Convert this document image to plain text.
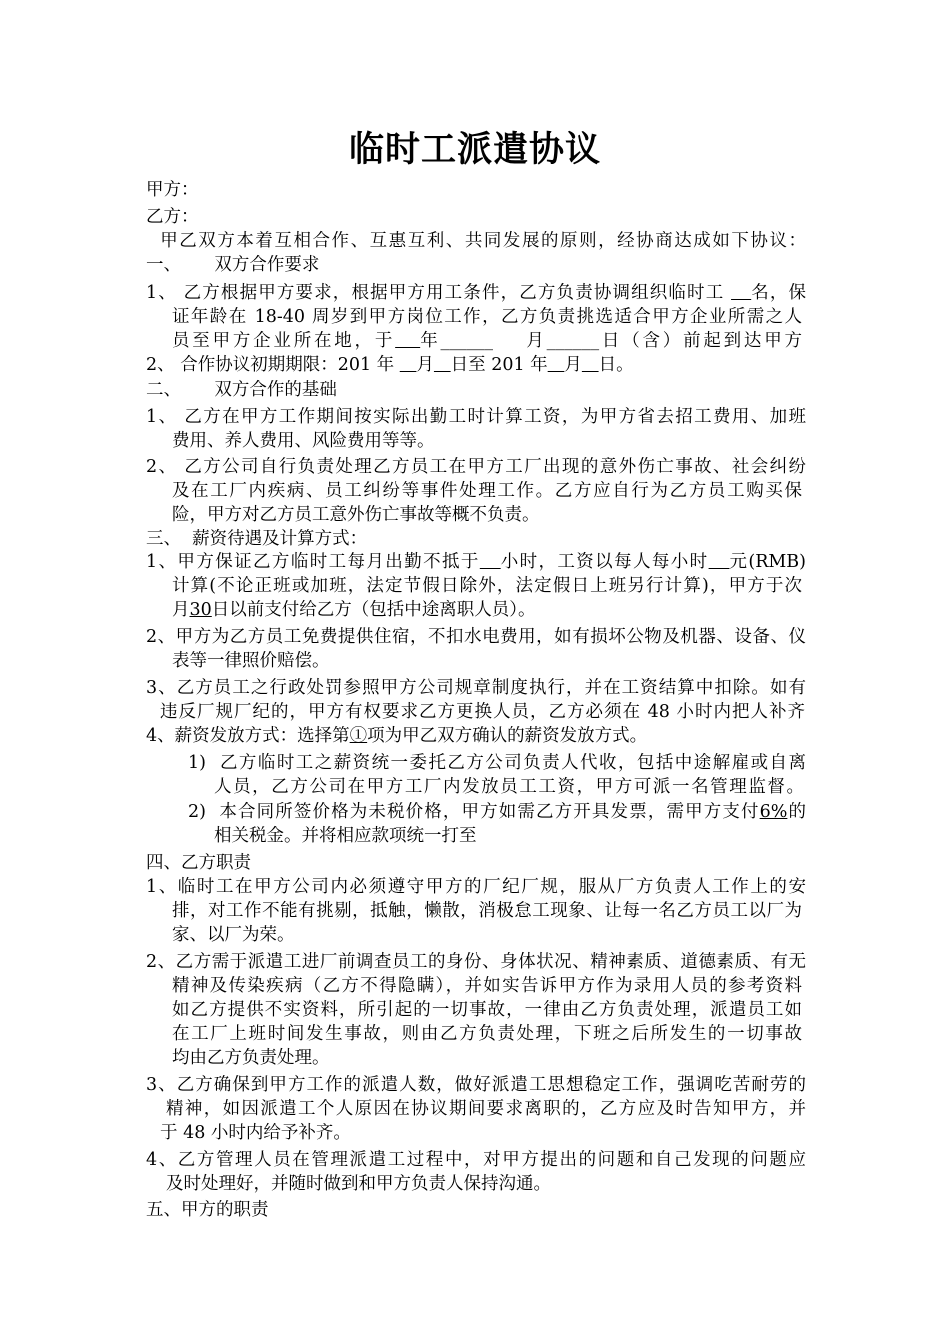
临时工派遣协议
甲方：
乙方：
甲乙双方本着互相合作、互惠互利、共同发展的原则，经协商达成如下协议：
一、      双方合作要求
1、 乙方根据甲方要求，根据甲方用工条件，乙方负责协调组织临时工    名，保
证年龄在 18-40 周岁到甲方岗位工作，乙方负责挑选适合甲方企业所需之人
员至甲方企业所在地，于 年______    月______日（含）前起到达甲方
2、 合作协议初期期限：201 年    月 日至 201 年 月 日。
二、      双方合作的基础
1、 乙方在甲方工作期间按实际出勤工时计算工资，为甲方省去招工费用、加班
费用、养人费用、风险费用等等。
2、 乙方公司自行负责处理乙方员工在甲方工厂出现的意外伤亡事故、社会纠纷
及在工厂内疾病、员工纠纷等事件处理工作。乙方应自行为乙方员工购买保
险，甲方对乙方员工意外伤亡事故等概不负责。
三、  薪资待遇及计算方式：
1、甲方保证乙方临时工每月出勤不抵于 小时，工资以每人每小时 元(RMB)
计算(不论正班或加班，法定节假日除外，法定假日上班另行计算)，甲方于次
月30日以前支付给乙方（包括中途离职人员）。
2、甲方为乙方员工免费提供住宿，不扣水电费用，如有损坏公物及机器、设备、仪
表等一律照价赔偿。
3、乙方员工之行政处罚参照甲方公司规章制度执行，并在工资结算中扣除。如有
违反厂规厂纪的，甲方有权要求乙方更换人员，乙方必须在 48 小时内把人补齐
4、薪资发放方式：选择第①项为甲乙双方确认的薪资发放方式。
1)  乙方临时工之薪资统一委托乙方公司负责人代收，包括中途解雇或自离
人员，乙方公司在甲方工厂内发放员工工资，甲方可派一名管理监督。
2)  本合同所签价格为未税价格，甲方如需乙方开具发票，需甲方支付6%的
相关税金。并将相应款项统一打至
四、乙方职责
1、临时工在甲方公司内必须遵守甲方的厂纪厂规，服从厂方负责人工作上的安
排，对工作不能有挑剔，抵触，懒散，消极怠工现象、让每一名乙方员工以厂为
家、以厂为荣。
2、乙方需于派遣工进厂前调查员工的身份、身体状况、精神素质、道德素质、有无
精神及传染疾病（乙方不得隐瞒），并如实告诉甲方作为录用人员的参考资料
如乙方提供不实资料，所引起的一切事故，一律由乙方负责处理，派遣员工如
在工厂上班时间发生事故，则由乙方负责处理，下班之后所发生的一切事故
均由乙方负责处理。
3、乙方确保到甲方工作的派遣人数，做好派遣工思想稳定工作，强调吃苦耐劳的
精神，如因派遣工个人原因在协议期间要求离职的，乙方应及时告知甲方，并
于 48 小时内给予补齐。
4、乙方管理人员在管理派遣工过程中，对甲方提出的问题和自己发现的问题应
及时处理好，并随时做到和甲方负责人保持沟通。
五、甲方的职责
